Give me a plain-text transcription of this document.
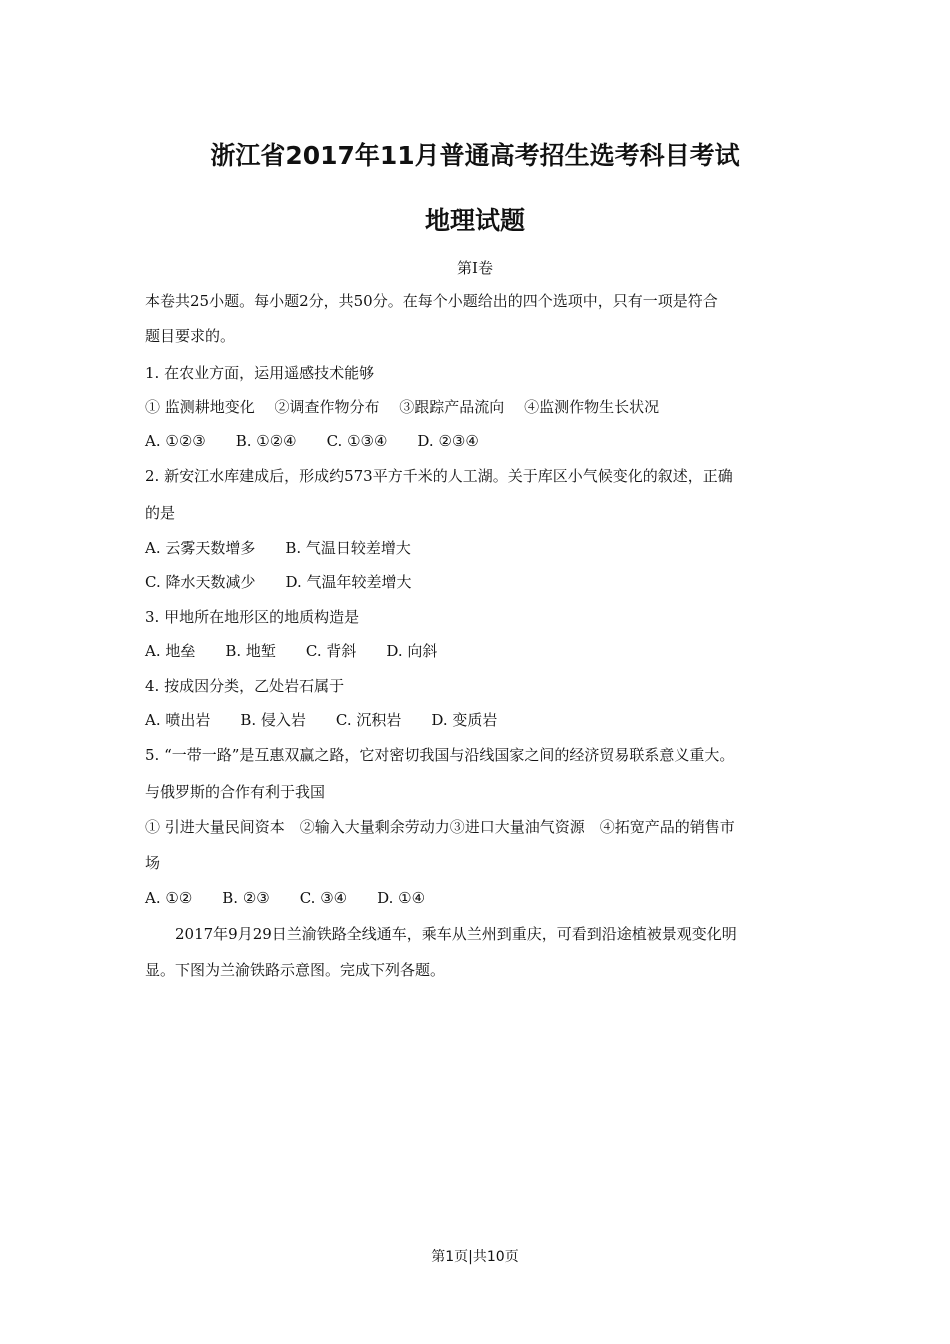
浙江省2017年11月普通高考招生选考科目考试
地理试题
第Ⅰ卷
本卷共25小题。每小题2分，共50分。在每个小题给出的四个选项中，只有一项是符合
题目要求的。
1. 在农业方面，运用遥感技术能够
① 监测耕地变化　 ②调查作物分布　 ③跟踪产品流向　 ④监测作物生长状况
A. ①②③　　B. ①②④　　C. ①③④　　D. ②③④
2. 新安江水库建成后，形成约573平方千米的人工湖。关于库区小气候变化的叙述，正确
的是
A. 云雾天数增多　　B. 气温日较差增大
C. 降水天数减少　　D. 气温年较差增大
3. 甲地所在地形区的地质构造是
A. 地垒　　B. 地堑　　C. 背斜　　D. 向斜
4. 按成因分类，乙处岩石属于
A. 喷出岩　　B. 侵入岩　　C. 沉积岩　　D. 变质岩
5. “一带一路”是互惠双赢之路，它对密切我国与沿线国家之间的经济贸易联系意义重大。
与俄罗斯的合作有利于我国
① 引进大量民间资本　②输入大量剩余劳动力③进口大量油气资源　④拓宽产品的销售市
场
A. ①②　　B. ②③　　C. ③④　　D. ①④
2017年9月29日兰渝铁路全线通车，乘车从兰州到重庆，可看到沿途植被景观变化明
显。下图为兰渝铁路示意图。完成下列各题。
第1页|共10页
